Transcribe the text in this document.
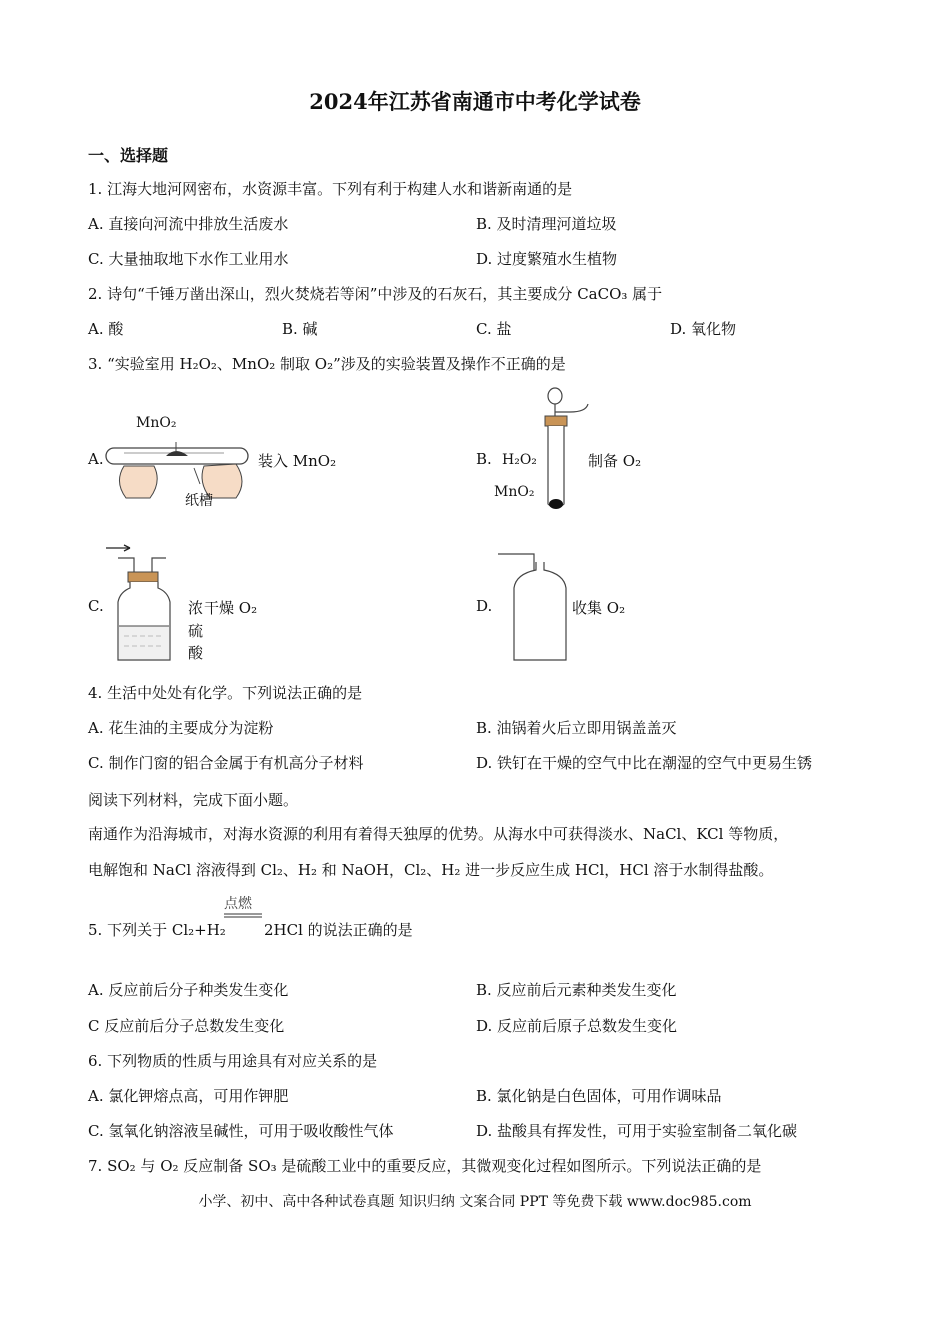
2024年江苏省南通市中考化学试卷
一、选择题
1. 江海大地河网密布，水资源丰富。下列有利于构建人水和谐新南通的是
A. 直接向河流中排放生活废水	B. 及时清理河道垃圾
C. 大量抽取地下水作工业用水	D. 过度繁殖水生植物
2. 诗句“千锤万凿出深山，烈火焚烧若等闲”中涉及的石灰石，其主要成分 CaCO₃ 属于
A. 酸	B. 碱	C. 盐	D. 氧化物
3. “实验室用 H₂O₂、MnO₂ 制取 O₂”涉及的实验装置及操作不正确的是
A.
MnO₂
纸槽
装入 MnO₂	B. H₂O₂
MnO₂
制备 O₂
C.	浓
硫
酸
干燥 O₂	D.	收集 O₂
4. 生活中处处有化学。下列说法正确的是
A. 花生油的主要成分为淀粉	B. 油锅着火后立即用锅盖盖灭
C. 制作门窗的铝合金属于有机高分子材料	D. 铁钉在干燥的空气中比在潮湿的空气中更易生锈
阅读下列材料，完成下面小题。
南通作为沿海城市，对海水资源的利用有着得天独厚的优势。从海水中可获得淡水、NaCl、KCl 等物质，
电解饱和 NaCl 溶液得到 Cl₂、H₂ 和 NaOH，Cl₂、H₂ 进一步反应生成 HCl，HCl 溶于水制得盐酸。
5. 下列关于 Cl₂+H₂
点燃
2HCl 的说法正确的是
A. 反应前后分子种类发生变化	B. 反应前后元素种类发生变化
C 反应前后分子总数发生变化	D. 反应前后原子总数发生变化
6. 下列物质的性质与用途具有对应关系的是
A. 氯化钾熔点高，可用作钾肥	B. 氯化钠是白色固体，可用作调味品
C. 氢氧化钠溶液呈碱性，可用于吸收酸性气体	D. 盐酸具有挥发性，可用于实验室制备二氧化碳
7. SO₂ 与 O₂ 反应制备 SO₃ 是硫酸工业中的重要反应，其微观变化过程如图所示。下列说法正确的是
小学、初中、高中各种试卷真题 知识归纳 文案合同 PPT 等免费下载 www.doc985.com
